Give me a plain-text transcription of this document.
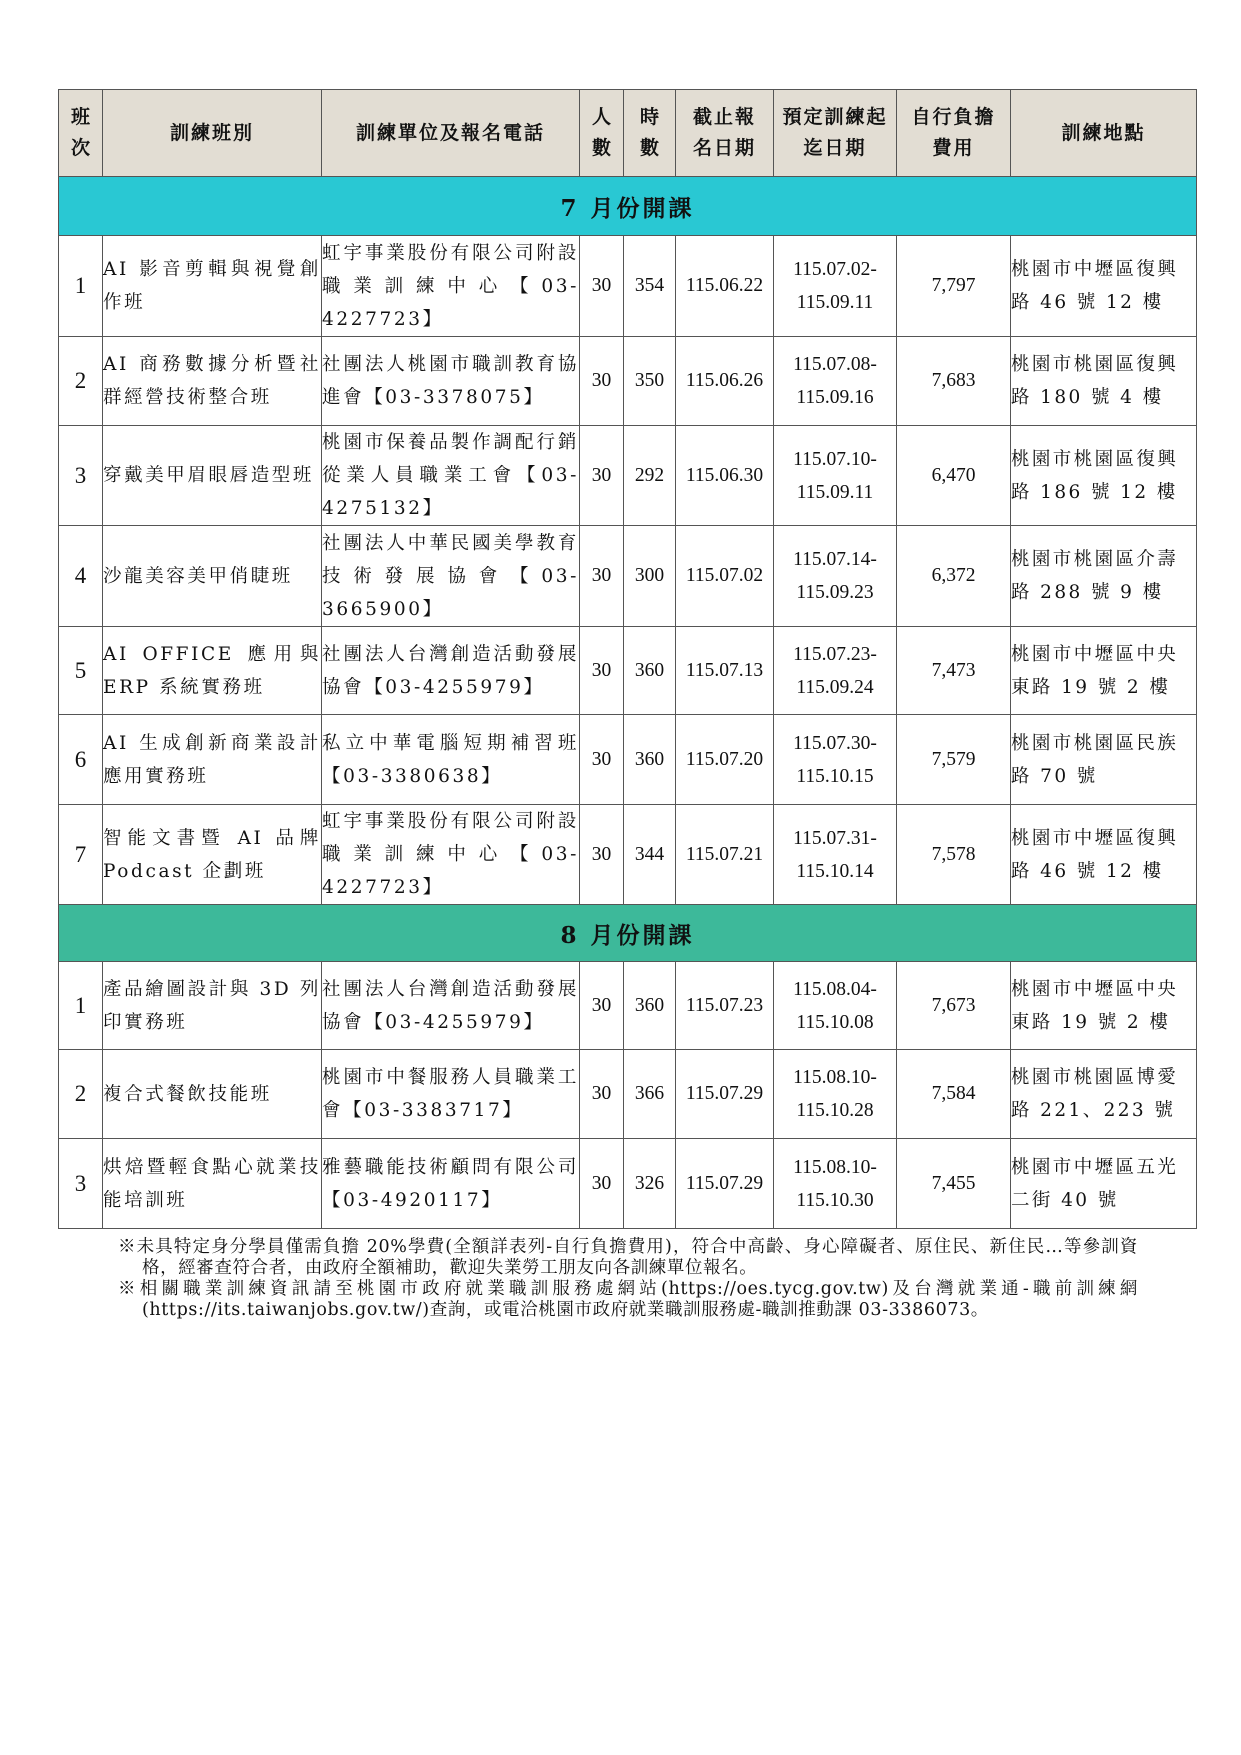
班次	訓練班別	訓練單位及報名電話	人數	時數	截止報名日期	預定訓練起迄日期	自行負擔費用	訓練地點
7 月份開課								
1	AI 影音剪輯與視覺創作班	虹宇事業股份有限公司附設職業訓練中心【03-4227723】	30	354	115.06.22	115.07.02-
115.09.11	7,797	桃園市中壢區復興路 46 號 12 樓
2	AI 商務數據分析暨社群經營技術整合班	社團法人桃園市職訓教育協進會【03-3378075】	30	350	115.06.26	115.07.08-
115.09.16	7,683	桃園市桃園區復興路 180 號 4 樓
3	穿戴美甲眉眼唇造型班	桃園市保養品製作調配行銷從業人員職業工會【03-4275132】	30	292	115.06.30	115.07.10-
115.09.11	6,470	桃園市桃園區復興路 186 號 12 樓
4	沙龍美容美甲俏睫班	社團法人中華民國美學教育技術發展協會【03-3665900】	30	300	115.07.02	115.07.14-
115.09.23	6,372	桃園市桃園區介壽路 288 號 9 樓
5	AI OFFICE 應用與 ERP 系統實務班	社團法人台灣創造活動發展協會【03-4255979】	30	360	115.07.13	115.07.23-
115.09.24	7,473	桃園市中壢區中央東路 19 號 2 樓
6	AI 生成創新商業設計應用實務班	私立中華電腦短期補習班【03-3380638】	30	360	115.07.20	115.07.30-
115.10.15	7,579	桃園市桃園區民族路 70 號
7	智能文書暨 AI 品牌 Podcast 企劃班	虹宇事業股份有限公司附設職業訓練中心【03-4227723】	30	344	115.07.21	115.07.31-
115.10.14	7,578	桃園市中壢區復興路 46 號 12 樓
8 月份開課								
1	產品繪圖設計與 3D 列印實務班	社團法人台灣創造活動發展協會【03-4255979】	30	360	115.07.23	115.08.04-
115.10.08	7,673	桃園市中壢區中央東路 19 號 2 樓
2	複合式餐飲技能班	桃園市中餐服務人員職業工會【03-3383717】	30	366	115.07.29	115.08.10-
115.10.28	7,584	桃園市桃園區博愛路 221、223 號
3	烘焙暨輕食點心就業技能培訓班	雅藝職能技術顧問有限公司【03-4920117】	30	326	115.07.29	115.08.10-
115.10.30	7,455	桃園市中壢區五光二街 40 號
※未具特定身分學員僅需負擔 20%學費(全額詳表列-自行負擔費用)，符合中高齡、身心障礙者、原住民、新住民…等參訓資格，經審查符合者，由政府全額補助，歡迎失業勞工朋友向各訓練單位報名。
※相關職業訓練資訊請至桃園市政府就業職訓服務處網站(https://oes.tycg.gov.tw)及台灣就業通-職前訓練網(https://its.taiwanjobs.gov.tw/)查詢，或電洽桃園市政府就業職訓服務處-職訓推動課 03-3386073。
